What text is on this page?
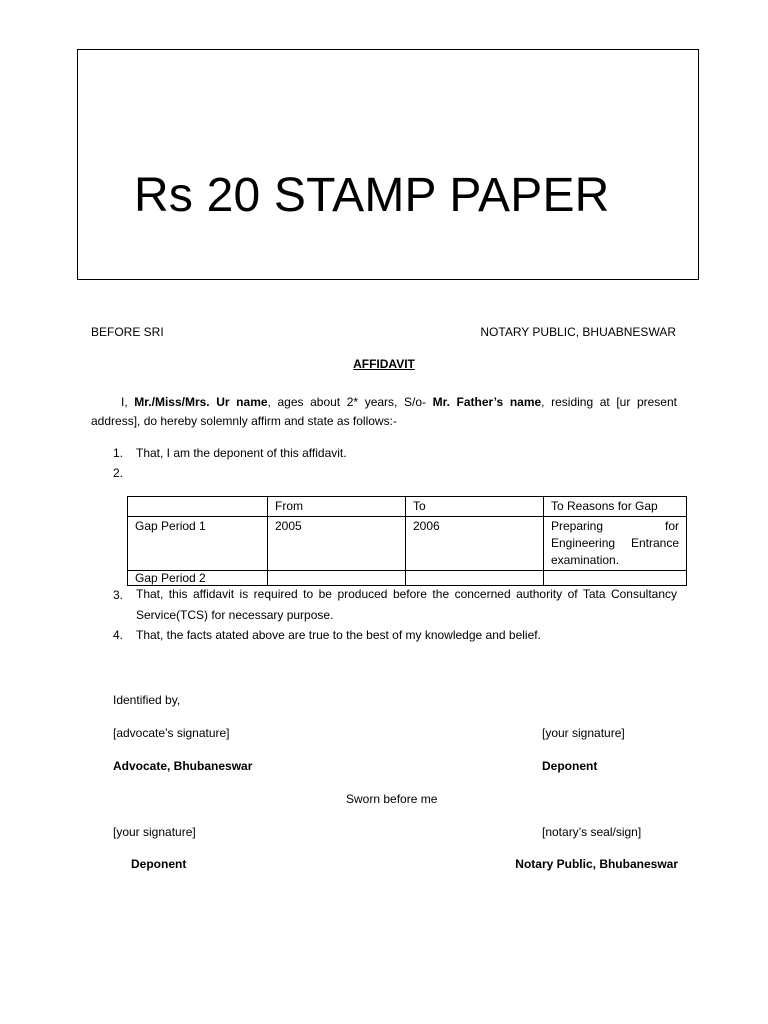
Rs 20 STAMP PAPER
BEFORE SRI	NOTARY PUBLIC, BHUABNESWAR
AFFIDAVIT

I, Mr./Miss/Mrs. Ur name, ages about 2* years, S/o- Mr. Father’s name, residing at [ur present address], do hereby solemnly affirm and state as follows:-

1. That, I am the deponent of this affidavit.
2.
	From	To	To Reasons for Gap
Gap Period 1	2005	2006	Preparing for Engineering Entrance examination.
Gap Period 2			
3. That, this affidavit is required to be produced before the concerned authority of Tata Consultancy Service(TCS) for necessary purpose.
4. That, the facts atated above are true to the best of my knowledge and belief.
Identified by,
[advocate’s signature]	[your signature]
Advocate, Bhubaneswar	Deponent
Sworn before me
[your signature]	[notary’s seal/sign]
Deponent	Notary Public, Bhubaneswar
